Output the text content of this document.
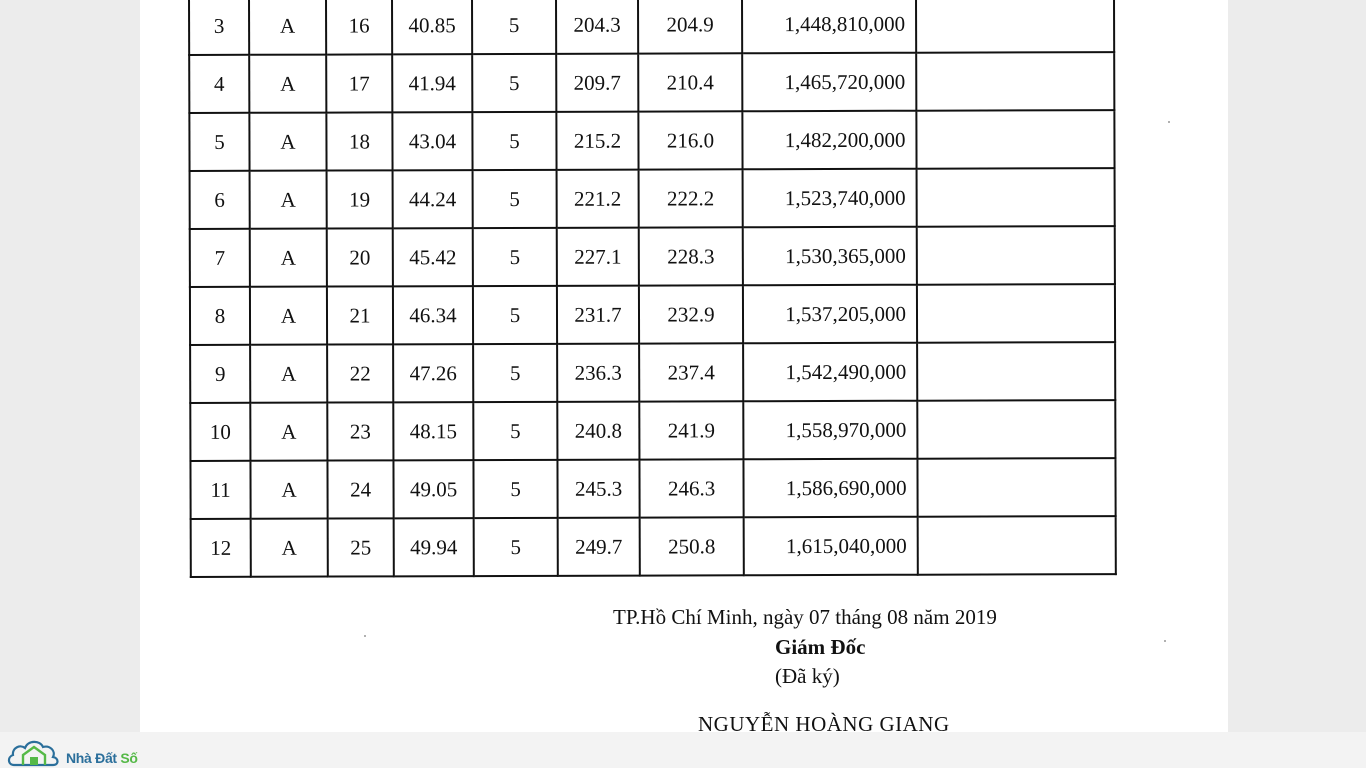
3	A	16	40.85	5	204.3	204.9	1,448,810,000	
4	A	17	41.94	5	209.7	210.4	1,465,720,000	
5	A	18	43.04	5	215.2	216.0	1,482,200,000	
6	A	19	44.24	5	221.2	222.2	1,523,740,000	
7	A	20	45.42	5	227.1	228.3	1,530,365,000	
8	A	21	46.34	5	231.7	232.9	1,537,205,000	
9	A	22	47.26	5	236.3	237.4	1,542,490,000	
10	A	23	48.15	5	240.8	241.9	1,558,970,000	
11	A	24	49.05	5	245.3	246.3	1,586,690,000	
12	A	25	49.94	5	249.7	250.8	1,615,040,000	
TP.Hồ Chí Minh, ngày 07 tháng 08 năm 2019
Giám Đốc
(Đã ký)
NGUYỄN HOÀNG GIANG
Nhà Đất Số
